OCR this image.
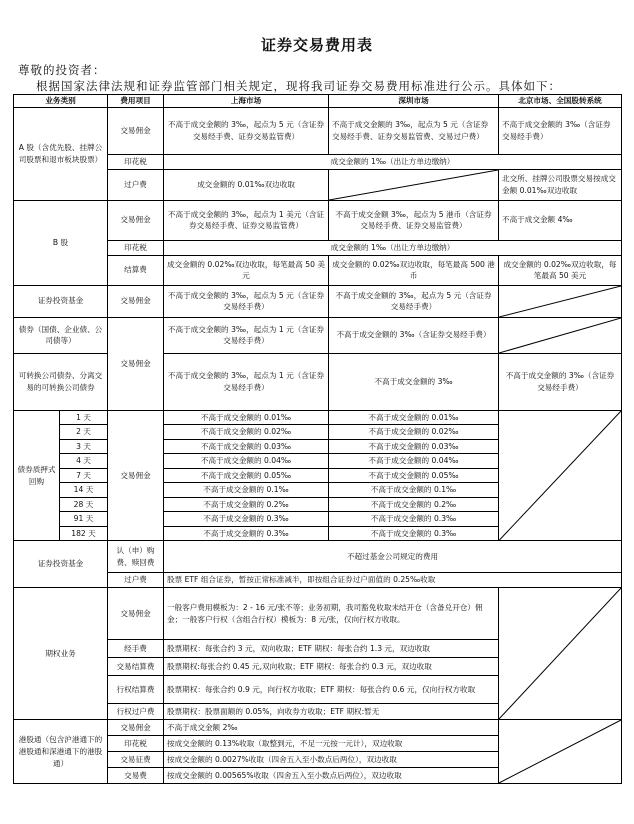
证券交易费用表
尊敬的投资者：
根据国家法律法规和证券监管部门相关规定，现将我司证券交易费用标准进行公示。具体如下：
业务类别		费用项目	上海市场	深圳市场	北京市场、全国股转系统
A 股（含优先股、挂牌公司股票和退市板块股票）		交易佣金	不高于成交金额的 3‰，起点为 5 元（含证券交易经手费、证券交易监管费）	不高于成交金额的 3‰，起点为 5 元（含证券交易经手费、证券交易监管费、交易过户费）	不高于成交金额的 3‰（含证券交易经手费）
		印花税	成交金额的 1‰（出让方单边缴纳）		
		过户费	成交金额的 0.01‰双边收取		北交所、挂牌公司股票交易按成交金额 0.01‰双边收取
B 股		交易佣金	不高于成交金额的 3‰，起点为 1 美元（含证券交易经手费、证券交易监管费）	不高于成交金额 3‰，起点为 5 港币（含证券交易经手费、证券交易监管费）	不高于成交金额 4‰
		印花税	成交金额的 1‰（出让方单边缴纳）		
		结算费	成交金额的 0.02‰双边收取，每笔最高 50 美元	成交金额的 0.02‰双边收取，每笔最高 500 港币	成交金额的 0.02‰双边收取，每笔最高 50 美元
证券投资基金		交易佣金	不高于成交金额的 3‰，起点为 5 元（含证券交易经手费）	不高于成交金额的 3‰，起点为 5 元（含证券交易经手费）	

债券（国债、企业债、公司债等）		交易佣金	不高于成交金额的 3‰，起点为 1 元（含证券交易经手费）	不高于成交金额的 3‰（含证券交易经手费）	

可转换公司债券、分离交易的可转换公司债券			不高于成交金额的 3‰，起点为 1 元（含证券交易经手费）	不高于成交金额的 3‰	不高于成交金额的 3‰（含证券交易经手费）
债券质押式回购	1 天	交易佣金	不高于成交金额的 0.01‰	不高于成交金额的 0.01‰	

	2 天		不高于成交金额的 0.02‰	不高于成交金额的 0.02‰	
	3 天		不高于成交金额的 0.03‰	不高于成交金额的 0.03‰	
	4 天		不高于成交金额的 0.04‰	不高于成交金额的 0.04‰	
	7 天		不高于成交金额的 0.05‰	不高于成交金额的 0.05‰	
	14 天		不高于成交金额的 0.1‰	不高于成交金额的 0.1‰	
	28 天		不高于成交金额的 0.2‰	不高于成交金额的 0.2‰	
	91 天		不高于成交金额的 0.3‰	不高于成交金额的 0.3‰	
	182 天		不高于成交金额的 0.3‰	不高于成交金额的 0.3‰	
证券投资基金		认（申）购费、赎回费	不超过基金公司规定的费用		
		过户费	股票 ETF 组合证券，暂按正常标准减半，即按组合证券过户面值的 0.25‰收取		
期权业务		交易佣金	一般客户费用模板为：2 - 16 元/张不等；业务初期，我司豁免收取未结开仓（含备兑开仓）佣金；一般客户行权（含组合行权）模板为：8 元/张，仅向行权方收取。	

		经手费	股票期权：每张合约 3 元，双向收取；ETF 期权：每张合约 1.3 元，双边收取		
		交易结算费	股票期权:每张合约 0.45 元,双向收取；ETF 期权：每张合约 0.3 元，双边收取		
		行权结算费	股票期权：每张合约 0.9 元，向行权方收取；ETF 期权：每张合约 0.6 元，仅向行权方收取		
		行权过户费	股票期权：股票面额的 0.05%，向收券方收取；ETF 期权:暂无		
港股通（包含沪港通下的港股通和深港通下的港股通）		交易佣金	不高于成交金额 2‰	

		印花税	按成交金额的 0.13%收取（取整到元，不足一元按一元计），双边收取		
		交易征费	按成交金额的 0.0027%收取（四舍五入至小数点后两位），双边收取		
		交易费	按成交金额的 0.00565%收取（四舍五入至小数点后两位），双边收取		
